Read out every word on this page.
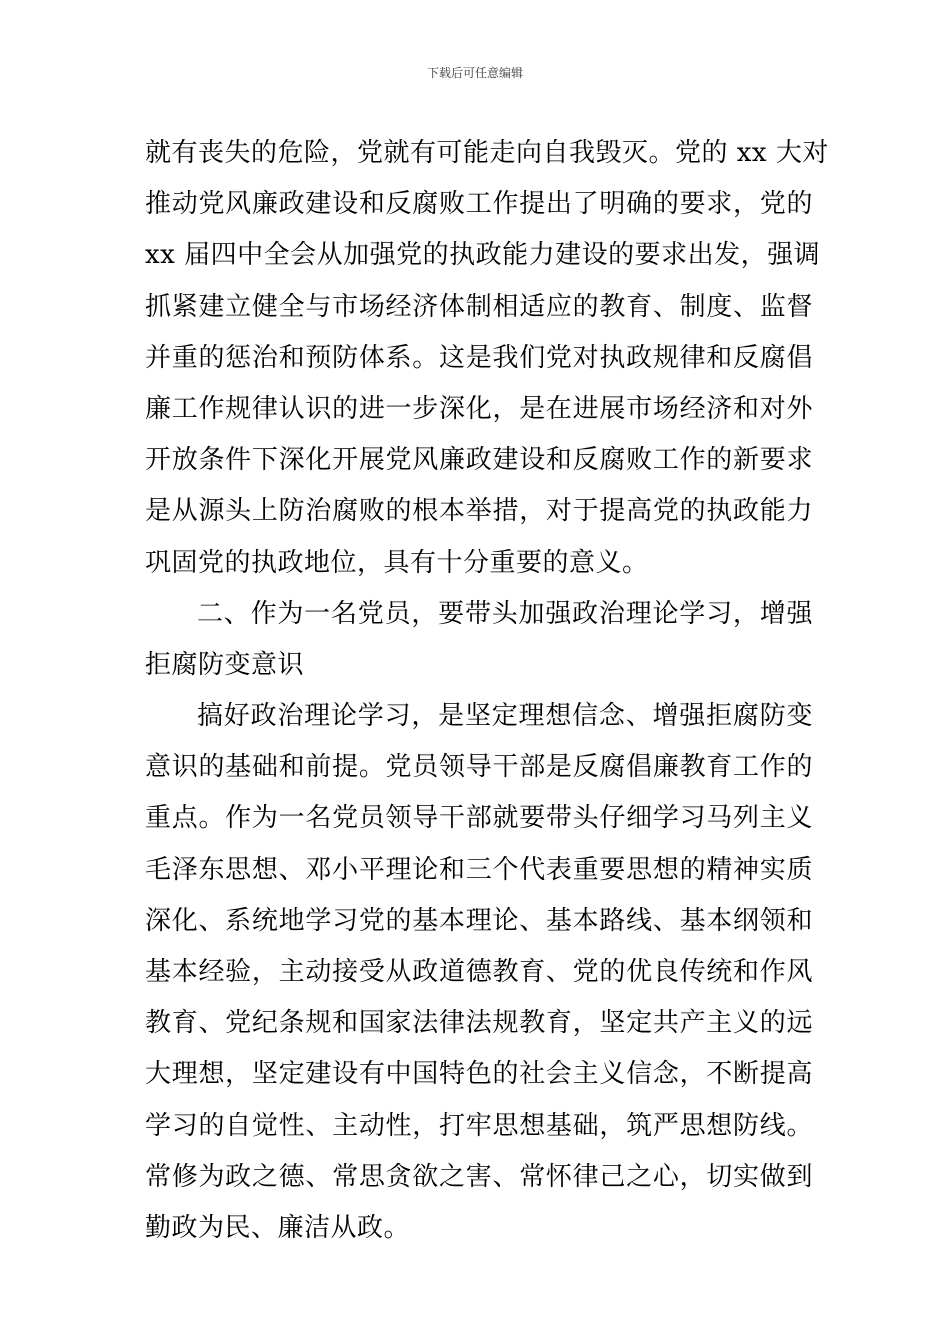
下载后可任意编辑
就有丧失的危险，党就有可能走向自我毁灭。党的 xx 大对
推动党风廉政建设和反腐败工作提出了明确的要求，党的
xx 届四中全会从加强党的执政能力建设的要求出发，强调
抓紧建立健全与市场经济体制相适应的教育、制度、监督
并重的惩治和预防体系。这是我们党对执政规律和反腐倡
廉工作规律认识的进一步深化，是在进展市场经济和对外
开放条件下深化开展党风廉政建设和反腐败工作的新要求
是从源头上防治腐败的根本举措，对于提高党的执政能力
巩固党的执政地位，具有十分重要的意义。
二、作为一名党员，要带头加强政治理论学习，增强
拒腐防变意识
搞好政治理论学习，是坚定理想信念、增强拒腐防变
意识的基础和前提。党员领导干部是反腐倡廉教育工作的
重点。作为一名党员领导干部就要带头仔细学习马列主义
毛泽东思想、邓小平理论和三个代表重要思想的精神实质
深化、系统地学习党的基本理论、基本路线、基本纲领和
基本经验，主动接受从政道德教育、党的优良传统和作风
教育、党纪条规和国家法律法规教育，坚定共产主义的远
大理想，坚定建设有中国特色的社会主义信念，不断提高
学习的自觉性、主动性，打牢思想基础，筑严思想防线。
常修为政之德、常思贪欲之害、常怀律己之心，切实做到
勤政为民、廉洁从政。
